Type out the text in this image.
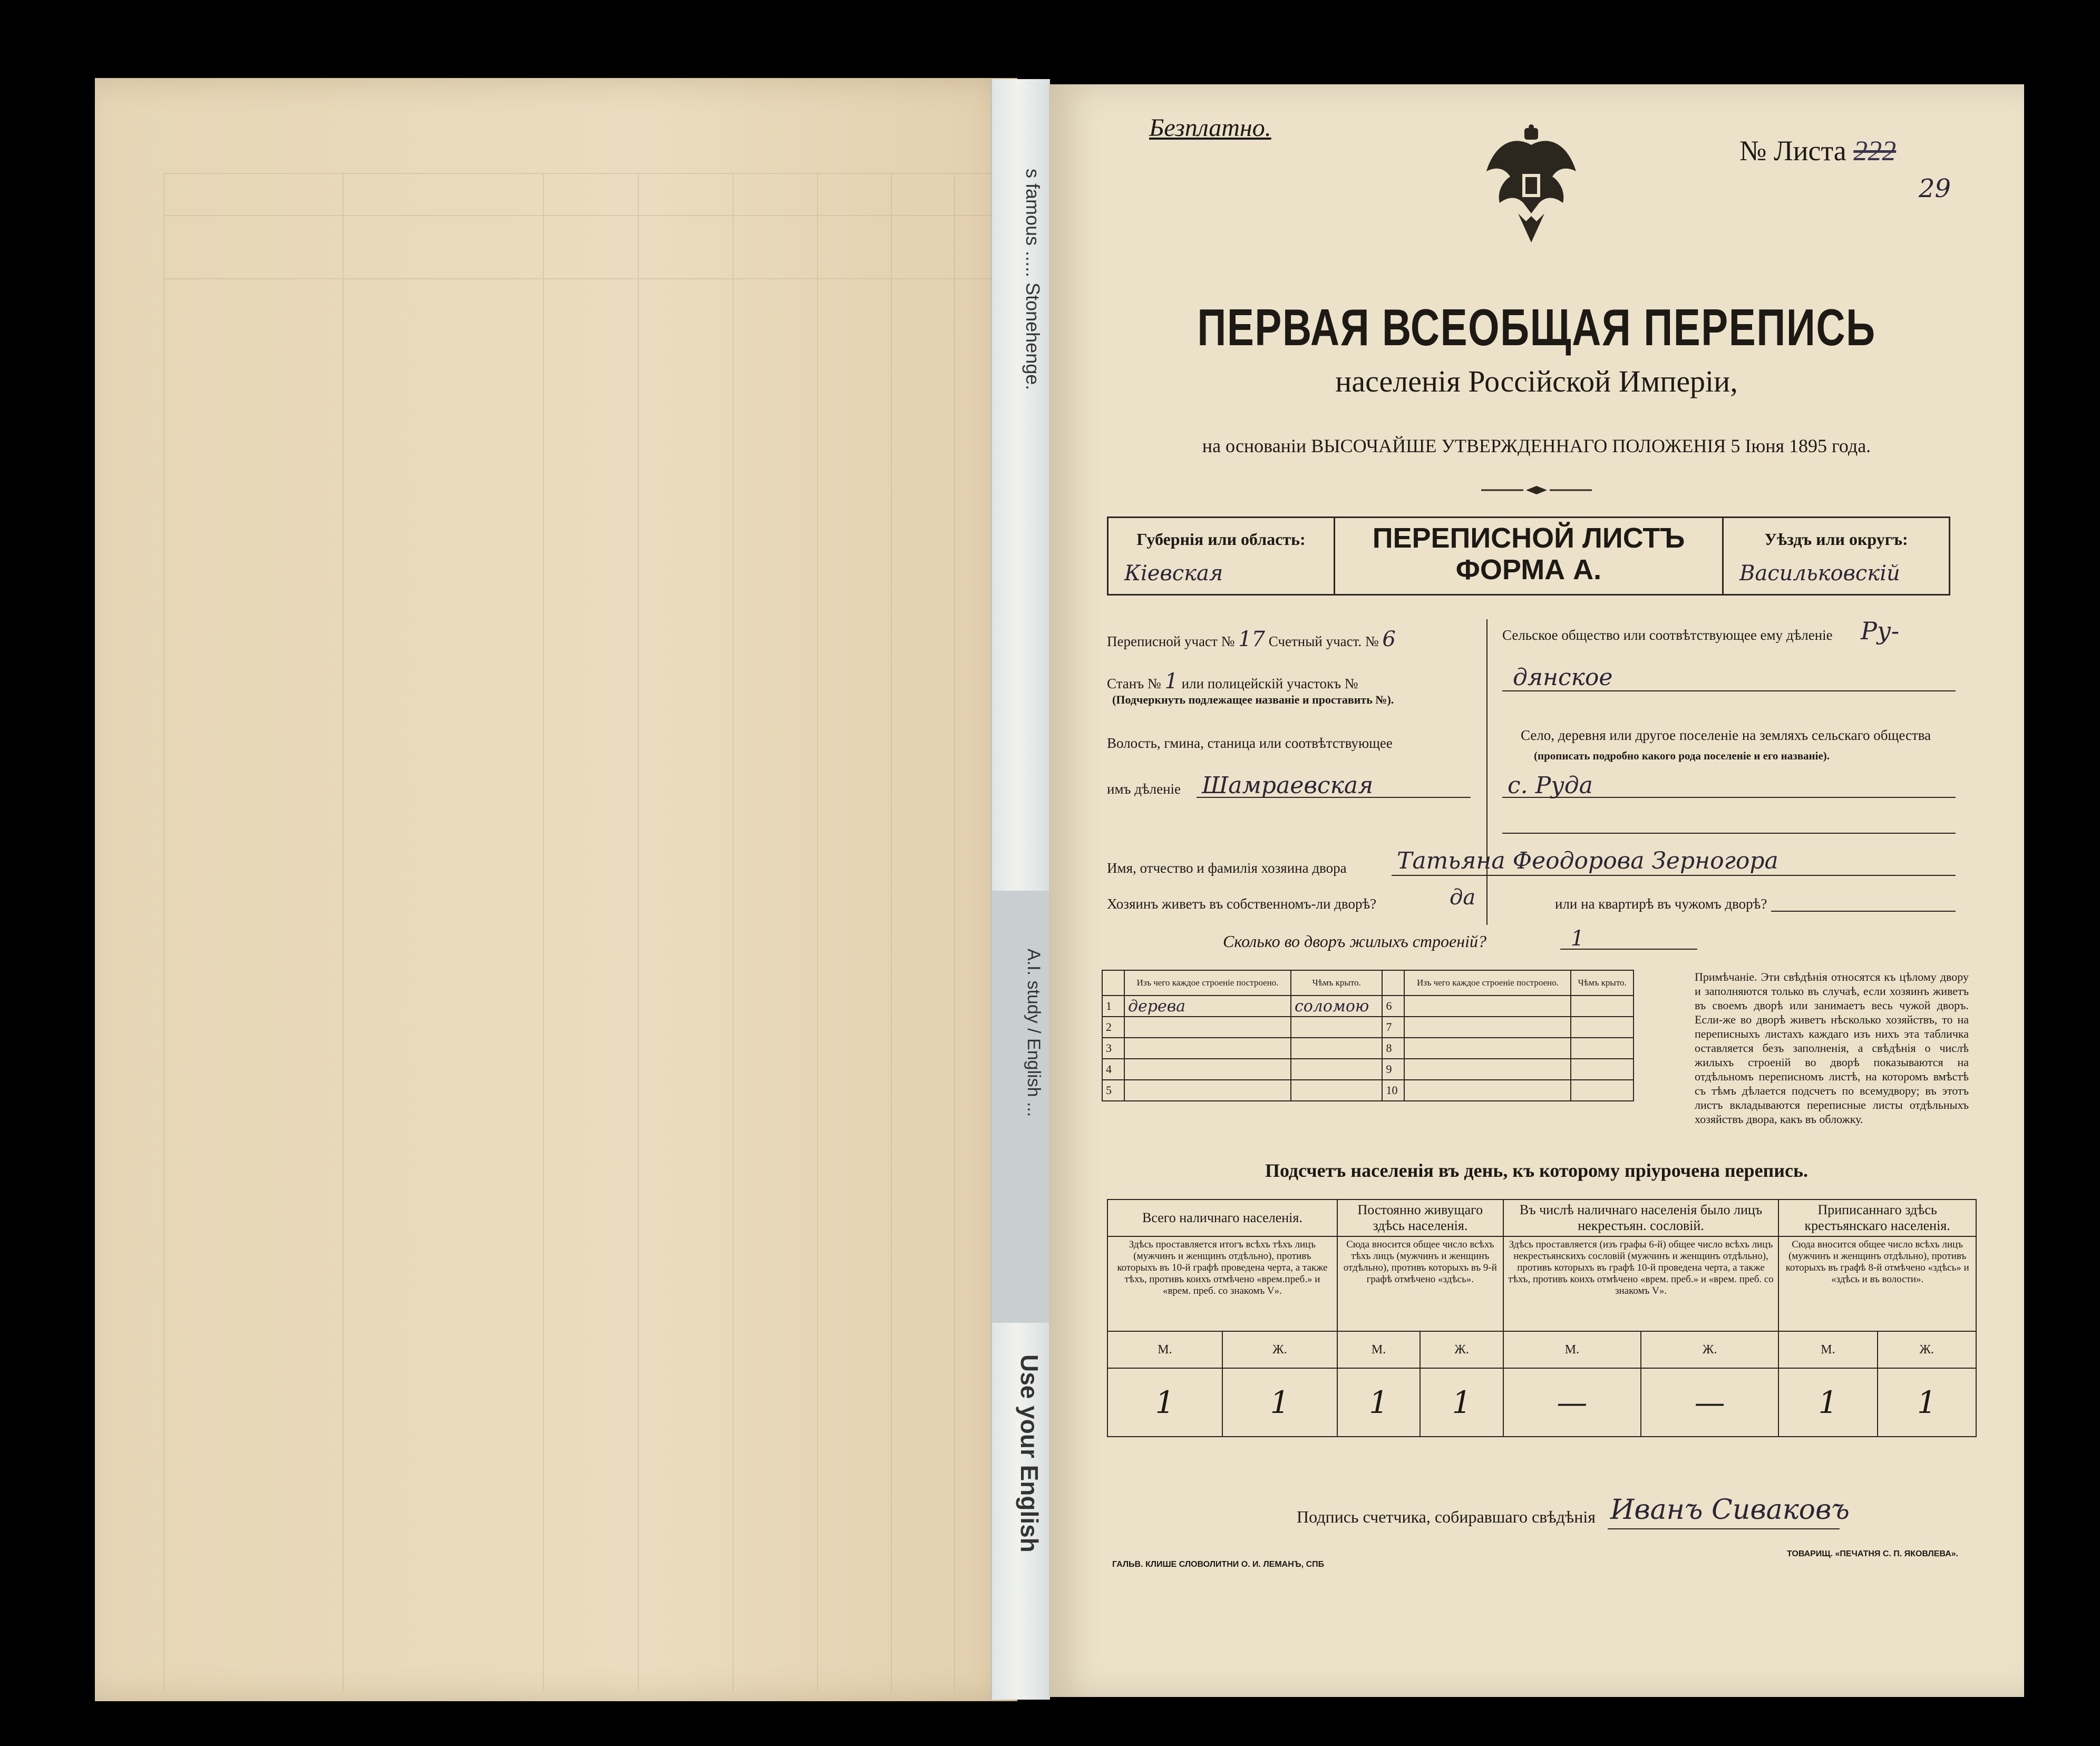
s famous ..... Stonehenge.
A.I. study / English ...
Use your English
Безплатно.
№ Листа 222
29
ПЕРВАЯ ВСЕОБЩАЯ ПЕРЕПИСЬ
населенія Россійской Имперіи,
на основаніи ВЫСОЧАЙШЕ УТВЕРЖДЕННАГО ПОЛОЖЕНІЯ 5 Іюня 1895 года.
Губернія или область:
Кіевская
ПЕРЕПИСНОЙ ЛИСТЪ
ФОРМА А.
Уѣздъ или округъ:
Васильковскій
Переписной участ № 17 Счетный участ. № 6
Станъ № 1 или полицейскій участокъ №
(Подчеркнуть подлежащее названіе и проставить №).
Волость, гмина, станица или соотвѣтствующее
имъ дѣленіе Шамраевская
Сельское общество или соотвѣтствующее ему дѣленіе Ру-
дянское
Село, деревня или другое поселеніе на земляхъ сельскаго общества
(прописать подробно какого рода поселеніе и его названіе).
с. Руда
Имя, отчество и фамилія хозяина двора Татьяна Феодорова Зерногора
Хозяинъ живетъ въ собственномъ-ли дворѣ?	да	или на квартирѣ въ чужомъ дворѣ?
Сколько во дворъ жилыхъ строеній?	1
	Изъ чего каждое строеніе построено.	Чѣмъ крыто.		Изъ чего каждое строеніе построено.	Чѣмъ крыто.
1	дерева	соломою	6		
2			7		
3			8		
4			9		
5			10		
Примѣчаніе. Эти свѣдѣнія относятся къ цѣлому двору и заполняются только въ случаѣ, если хозяинъ живетъ въ своемъ дворѣ или занимаетъ весь чужой дворъ. Если-же во дворѣ живетъ нѣсколько хозяйствъ, то на переписныхъ листахъ каждаго изъ нихъ эта табличка оставляется безъ заполненія, а свѣдѣнія о числѣ жилыхъ строеній во дворѣ показываются на отдѣльномъ переписномъ листѣ, на которомъ вмѣстѣ съ тѣмъ дѣлается подсчетъ по всемудвору; въ этотъ листъ вкладываются переписные листы отдѣльныхъ хозяйствъ двора, какъ въ обложку.
Подсчетъ населенія въ день, къ которому пріурочена перепись.
Всего наличнаго населенія.		Постоянно живущаго здѣсь населенія.		Въ числѣ наличнаго населенія было лицъ некрестьян. сословій.		Приписаннаго здѣсь крестьянскаго населенія.	
Здѣсь проставляется итогъ всѣхъ тѣхъ лицъ (мужчинъ и женщинъ отдѣльно), противъ которыхъ въ 10-й графѣ проведена черта, а также тѣхъ, противъ коихъ отмѣчено «врем.преб.» и «врем. преб. со знакомъ V».		Сюда вносится общее число всѣхъ тѣхъ лицъ (мужчинъ и женщинъ отдѣльно), противъ которыхъ въ 9-й графѣ отмѣчено «здѣсь».		Здѣсь проставляется (изъ графы 6-й) общее число всѣхъ лицъ некрестьянскихъ сословій (мужчинъ и женщинъ отдѣльно), противъ которыхъ въ графѣ 10-й проведена черта, а также тѣхъ, противъ коихъ отмѣчено «врем. преб.» и «врем. преб. со знакомъ V».		Сюда вносится общее число всѣхъ лицъ (мужчинъ и женщинъ отдѣльно), противъ которыхъ въ графѣ 8-й отмѣчено «здѣсь» и «здѣсь и въ волости».	
М.	Ж.	М.	Ж.	М.	Ж.	М.	Ж.
1	1	1	1	—	—	1	1
Подпись счетчика, собиравшаго свѣдѣнія Иванъ Сиваковъ
ГАЛЬВ. КЛИШЕ СЛОВОЛИТНИ О. И. ЛЕМАНЪ, СПБ
ТОВАРИЩ. «ПЕЧАТНЯ С. П. ЯКОВЛЕВА».
